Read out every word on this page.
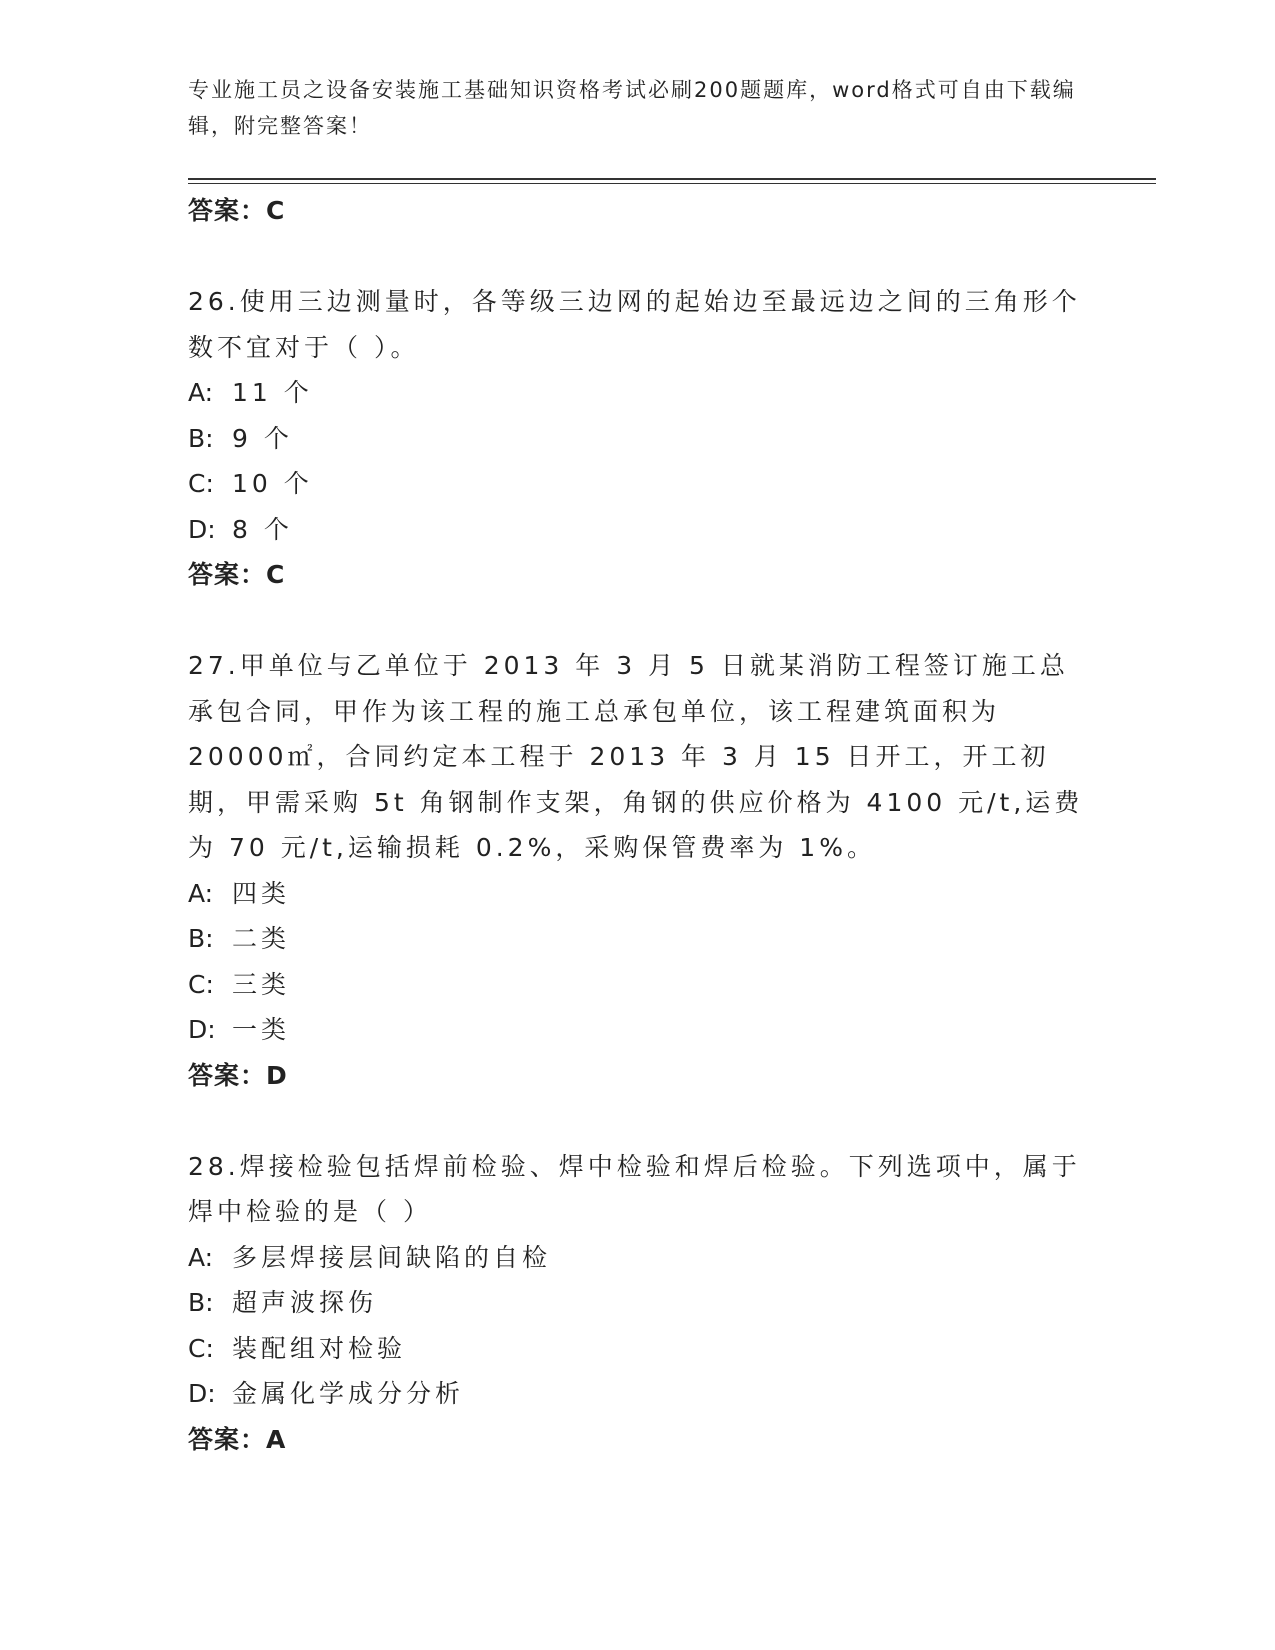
专业施工员之设备安装施工基础知识资格考试必刷200题题库，word格式可自由下载编辑，附完整答案！
答案：C
26.使用三边测量时，各等级三边网的起始边至最远边之间的三角形个数不宜对于（ ）。
A: 11 个
B: 9 个
C: 10 个
D: 8 个
答案：C
27.甲单位与乙单位于 2013 年 3 月 5 日就某消防工程签订施工总承包合同，甲作为该工程的施工总承包单位，该工程建筑面积为 20000㎡，合同约定本工程于 2013 年 3 月 15 日开工，开工初期，甲需采购 5t 角钢制作支架，角钢的供应价格为 4100 元/t,运费为 70 元/t,运输损耗 0.2%，采购保管费率为 1%。
A: 四类
B: 二类
C: 三类
D: 一类
答案：D
28.焊接检验包括焊前检验、焊中检验和焊后检验。下列选项中，属于焊中检验的是（ ）
A: 多层焊接层间缺陷的自检
B: 超声波探伤
C: 装配组对检验
D: 金属化学成分分析
答案：A
